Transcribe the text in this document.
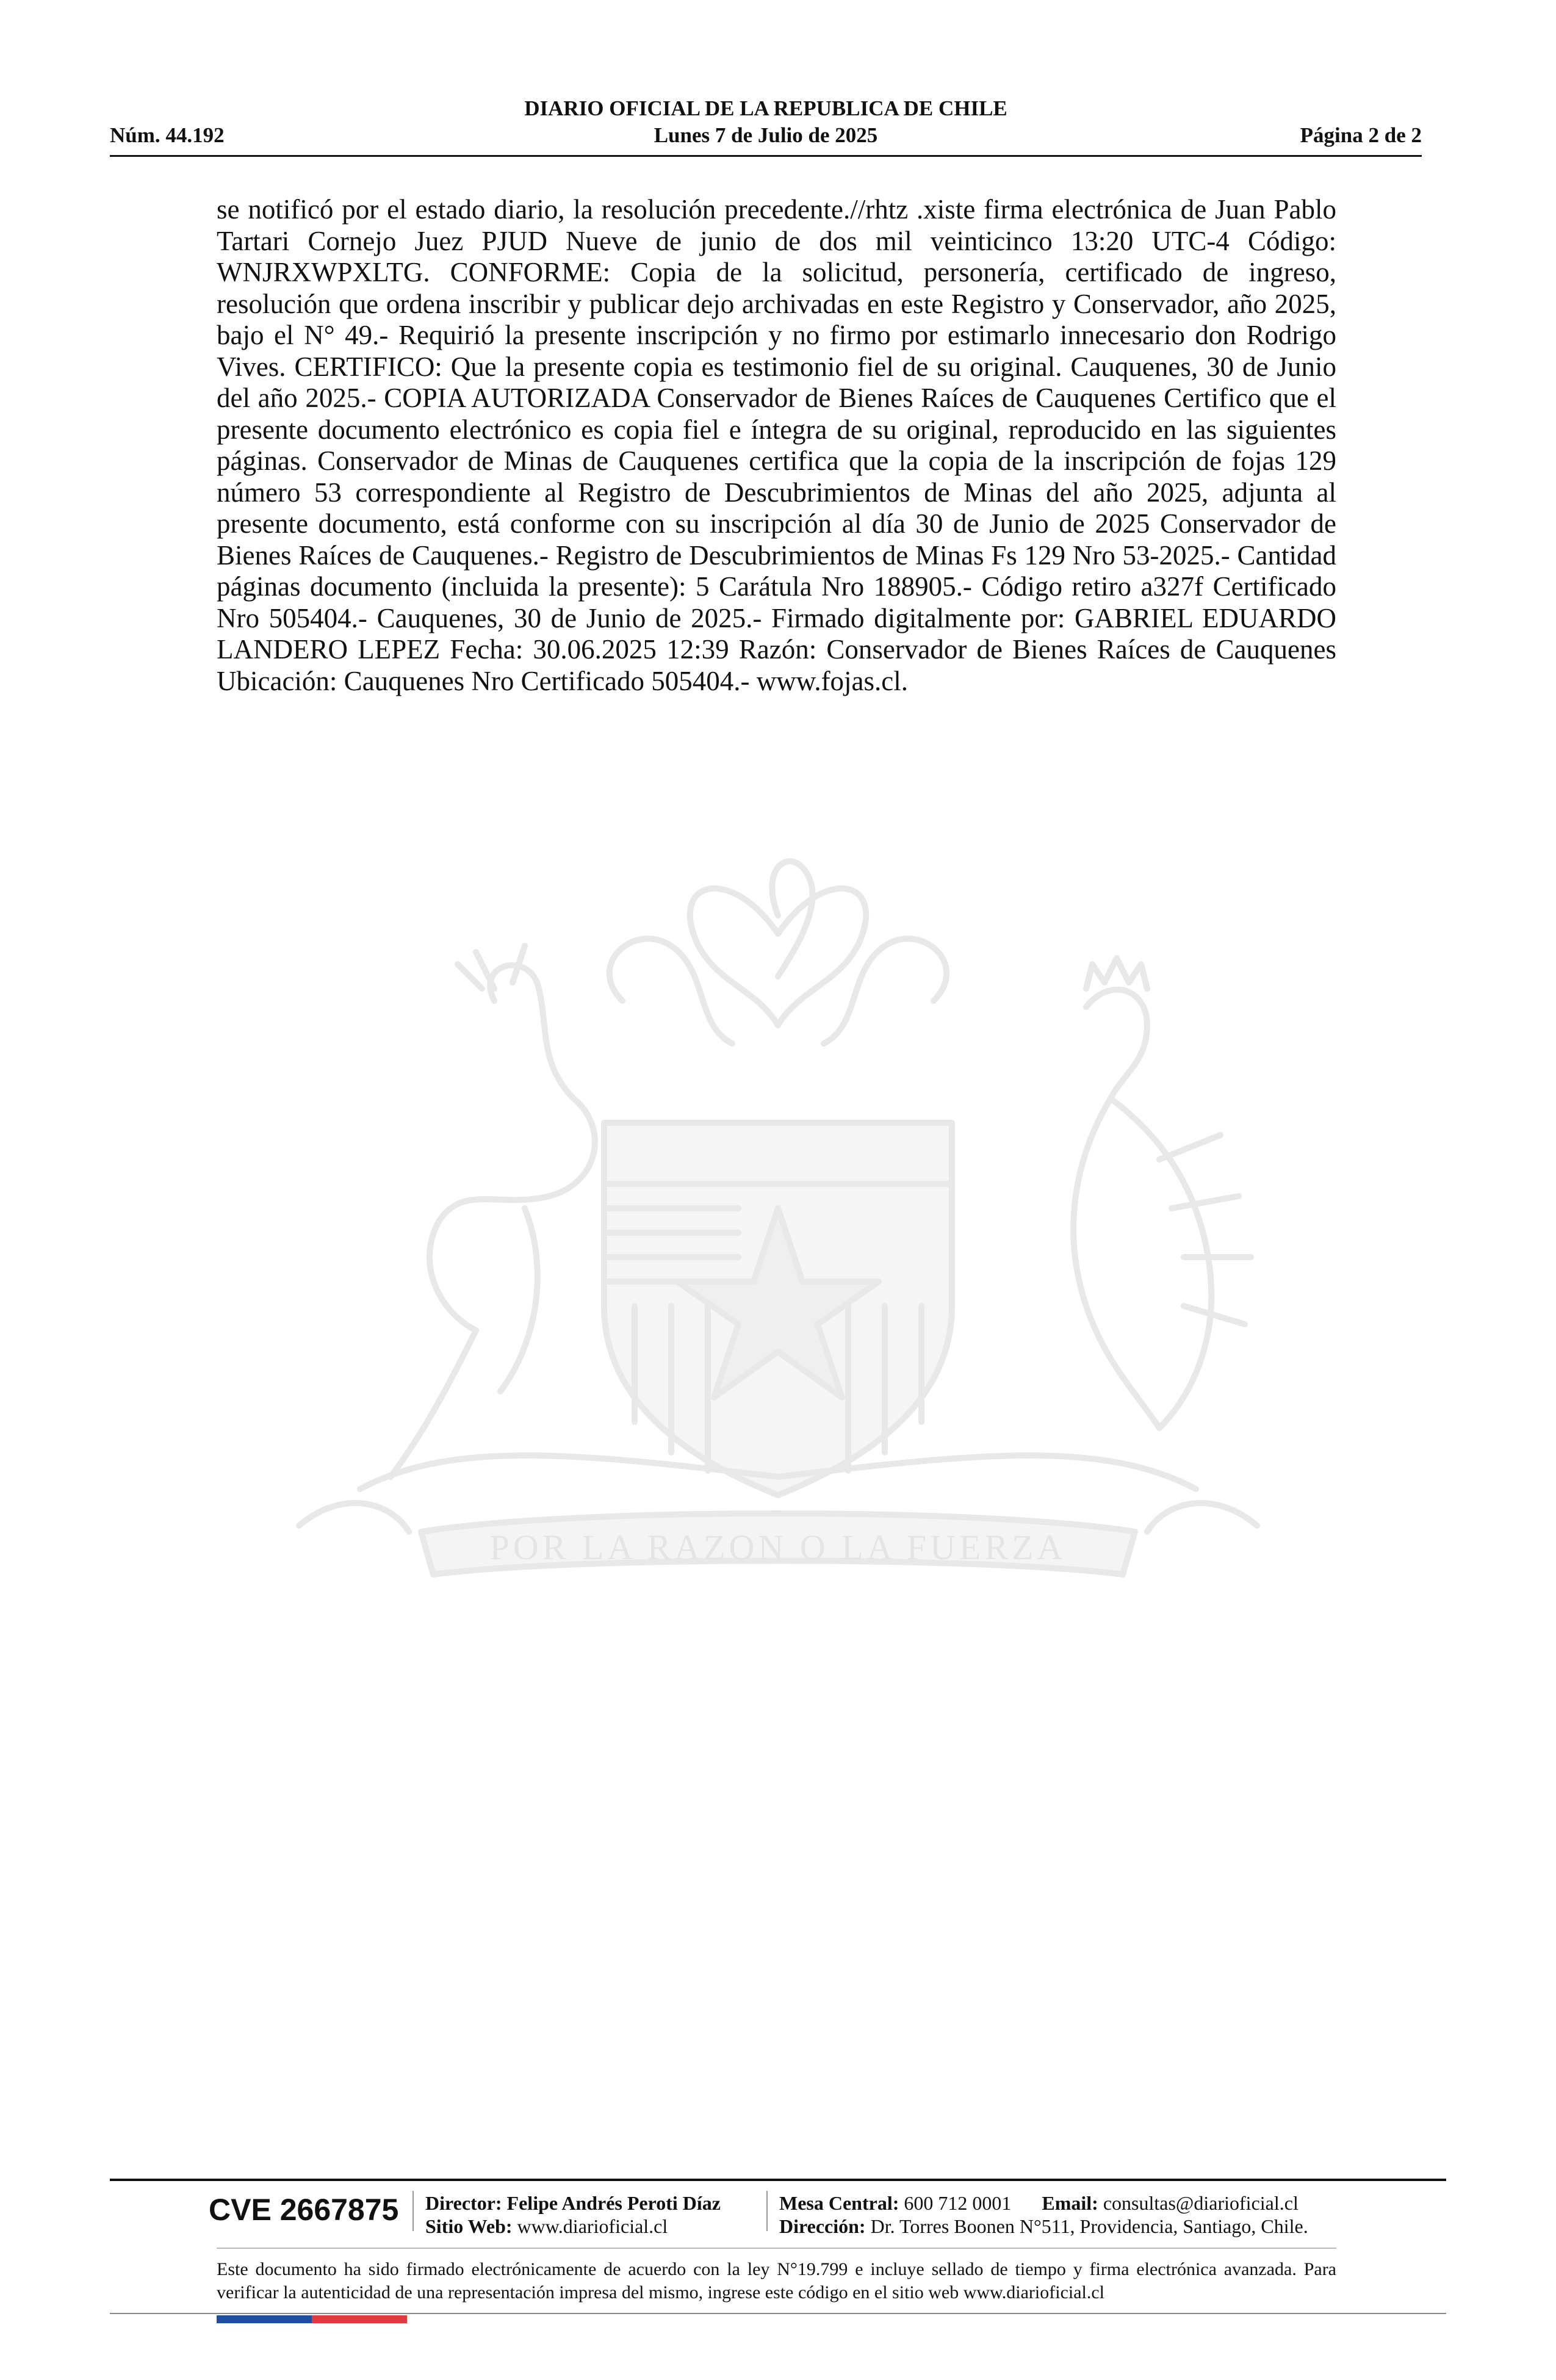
DIARIO OFICIAL DE LA REPUBLICA DE CHILE
Núm. 44.192	Lunes 7 de Julio de 2025	Página 2 de 2
se notificó por el estado diario, la resolución precedente.//rhtz .xiste firma electrónica de Juan Pablo Tartari Cornejo Juez PJUD Nueve de junio de dos mil veinticinco 13:20 UTC-4 Código: WNJRXWPXLTG. CONFORME: Copia de la solicitud, personería, certificado de ingreso, resolución que ordena inscribir y publicar dejo archivadas en este Registro y Conservador, año 2025, bajo el N° 49.- Requirió la presente inscripción y no firmo por estimarlo innecesario don Rodrigo Vives. CERTIFICO: Que la presente copia es testimonio fiel de su original. Cauquenes, 30 de Junio del año 2025.- COPIA AUTORIZADA Conservador de Bienes Raíces de Cauquenes Certifico que el presente documento electrónico es copia fiel e íntegra de su original, reproducido en las siguientes páginas. Conservador de Minas de Cauquenes certifica que la copia de la inscripción de fojas 129 número 53 correspondiente al Registro de Descubrimientos de Minas del año 2025, adjunta al presente documento, está conforme con su inscripción al día 30 de Junio de 2025 Conservador de Bienes Raíces de Cauquenes.- Registro de Descubrimientos de Minas Fs 129 Nro 53-2025.- Cantidad páginas documento (incluida la presente): 5 Carátula Nro 188905.- Código retiro a327f Certificado Nro 505404.- Cauquenes, 30 de Junio de 2025.- Firmado digitalmente por: GABRIEL EDUARDO LANDERO LEPEZ Fecha: 30.06.2025 12:39 Razón: Conservador de Bienes Raíces de Cauquenes Ubicación: Cauquenes Nro Certificado 505404.- www.fojas.cl.
POR LA RAZON O LA FUERZA
CVE 2667875 Director: Felipe Andrés Peroti Díaz
Sitio Web: www.diarioficial.cl
Mesa Central: 600 712 0001 Email: consultas@diarioficial.cl
Dirección: Dr. Torres Boonen N°511, Providencia, Santiago, Chile.
Este documento ha sido firmado electrónicamente de acuerdo con la ley N°19.799 e incluye sellado de tiempo y firma electrónica avanzada. Para verificar la autenticidad de una representación impresa del mismo, ingrese este código en el sitio web www.diarioficial.cl
